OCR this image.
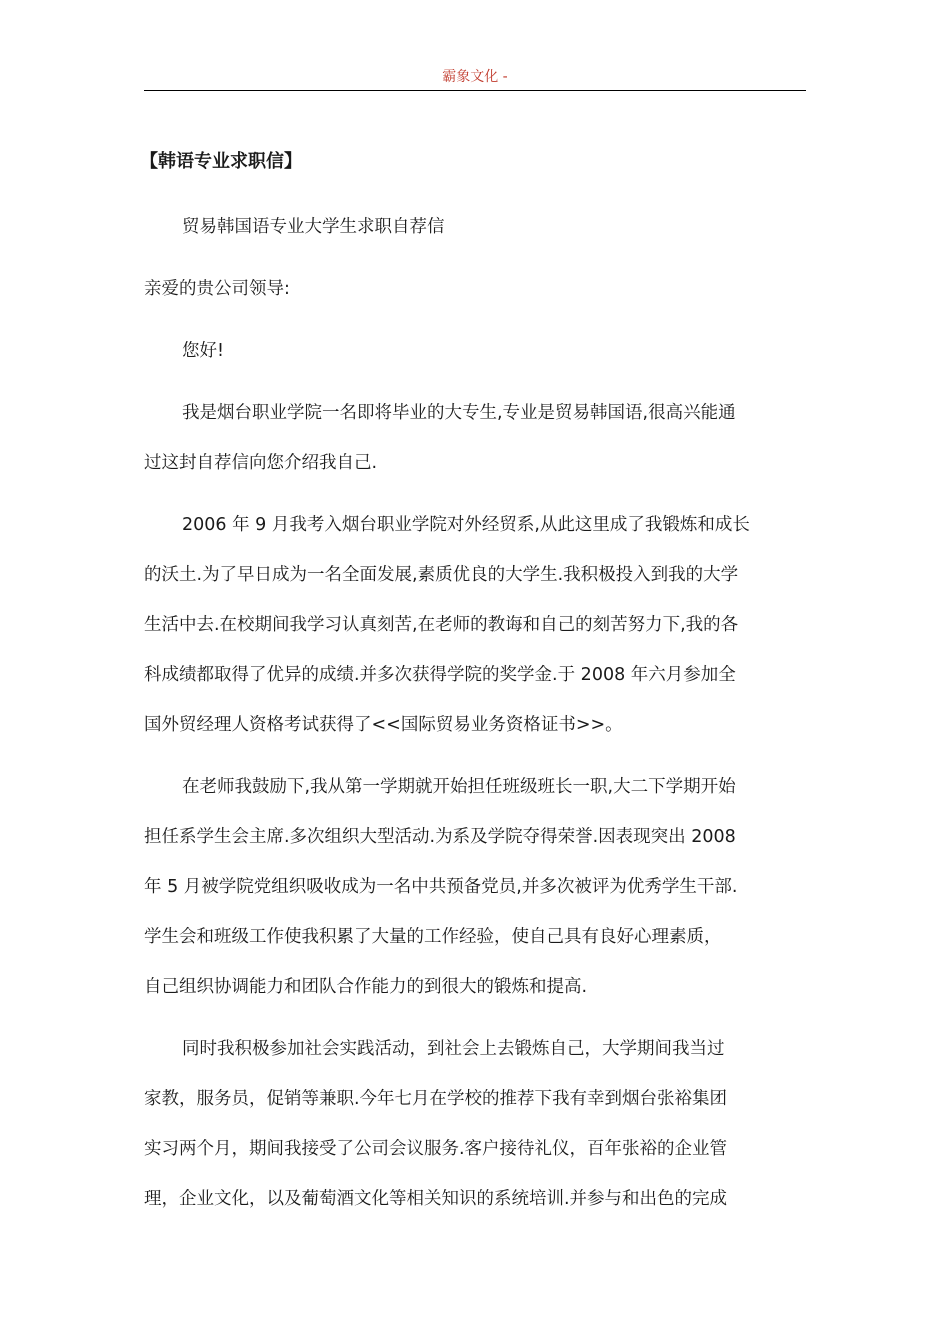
霸象文化 -
【韩语专业求职信】

贸易韩国语专业大学生求职自荐信

亲爱的贵公司领导:

您好!

我是烟台职业学院一名即将毕业的大专生,专业是贸易韩国语,很高兴能通

过这封自荐信向您介绍我自己.

2006 年 9 月我考入烟台职业学院对外经贸系,从此这里成了我锻炼和成长

的沃土.为了早日成为一名全面发展,素质优良的大学生.我积极投入到我的大学

生活中去.在校期间我学习认真刻苦,在老师的教诲和自己的刻苦努力下,我的各

科成绩都取得了优异的成绩.并多次获得学院的奖学金.于 2008 年六月参加全

国外贸经理人资格考试获得了<<国际贸易业务资格证书>>。

在老师我鼓励下,我从第一学期就开始担任班级班长一职,大二下学期开始

担任系学生会主席.多次组织大型活动.为系及学院夺得荣誉.因表现突出 2008

年 5 月被学院党组织吸收成为一名中共预备党员,并多次被评为优秀学生干部.

学生会和班级工作使我积累了大量的工作经验，使自己具有良好心理素质，

自己组织协调能力和团队合作能力的到很大的锻炼和提高.

同时我积极参加社会实践活动，到社会上去锻炼自己，大学期间我当过

家教，服务员，促销等兼职.今年七月在学校的推荐下我有幸到烟台张裕集团

实习两个月，期间我接受了公司会议服务.客户接待礼仪，百年张裕的企业管

理，企业文化，以及葡萄酒文化等相关知识的系统培训.并参与和出色的完成
